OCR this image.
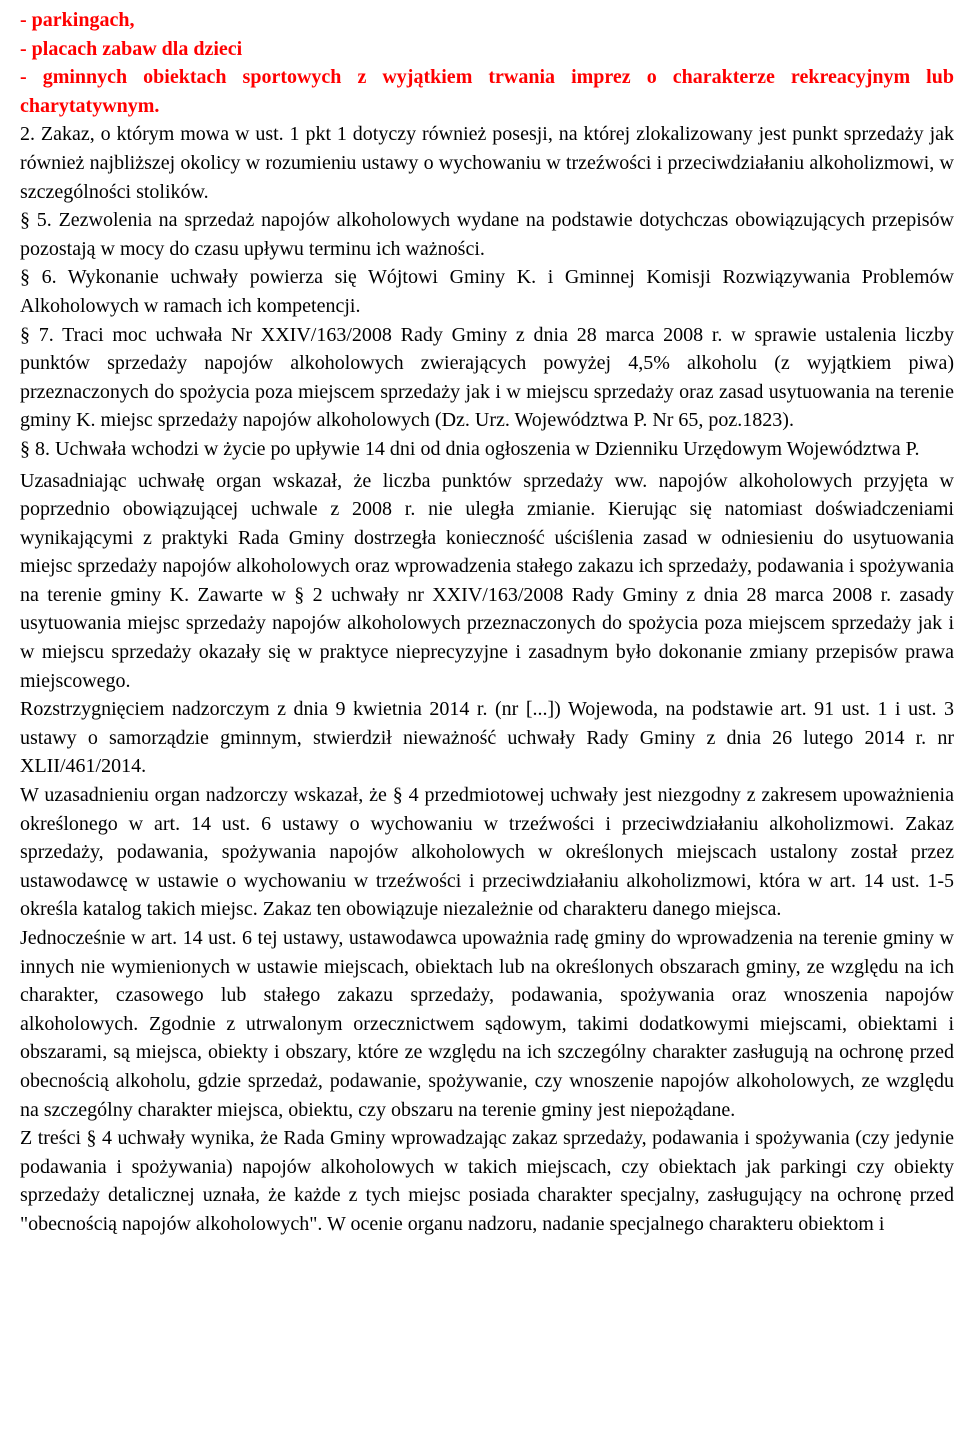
- parkingach,

- placach zabaw dla dzieci

- gminnych obiektach sportowych z wyjątkiem trwania imprez o charakterze rekreacyjnym lub charytatywnym.

2. Zakaz, o którym mowa w ust. 1 pkt 1 dotyczy również posesji, na której zlokalizowany jest punkt sprzedaży jak również najbliższej okolicy w rozumieniu ustawy o wychowaniu w trzeźwości i przeciwdziałaniu alkoholizmowi, w szczególności stolików.

§ 5. Zezwolenia na sprzedaż napojów alkoholowych wydane na podstawie dotychczas obowiązujących przepisów pozostają w mocy do czasu upływu terminu ich ważności.

§ 6. Wykonanie uchwały powierza się Wójtowi Gminy K. i Gminnej Komisji Rozwiązywania Problemów Alkoholowych w ramach ich kompetencji.

§ 7. Traci moc uchwała Nr XXIV/163/2008 Rady Gminy z dnia 28 marca 2008 r. w sprawie ustalenia liczby punktów sprzedaży napojów alkoholowych zwierających powyżej 4,5% alkoholu (z wyjątkiem piwa) przeznaczonych do spożycia poza miejscem sprzedaży jak i w miejscu sprzedaży oraz zasad usytuowania na terenie gminy K. miejsc sprzedaży napojów alkoholowych (Dz. Urz. Województwa P. Nr 65, poz.1823).

§ 8. Uchwała wchodzi w życie po upływie 14 dni od dnia ogłoszenia w Dzienniku Urzędowym Województwa P.

Uzasadniając uchwałę organ wskazał, że liczba punktów sprzedaży ww. napojów alkoholowych przyjęta w poprzednio obowiązującej uchwale z 2008 r. nie uległa zmianie. Kierując się natomiast doświadczeniami wynikającymi z praktyki Rada Gminy dostrzegła konieczność uściślenia zasad w odniesieniu do usytuowania miejsc sprzedaży napojów alkoholowych oraz wprowadzenia stałego zakazu ich sprzedaży, podawania i spożywania na terenie gminy K. Zawarte w § 2 uchwały nr XXIV/163/2008 Rady Gminy z dnia 28 marca 2008 r. zasady usytuowania miejsc sprzedaży napojów alkoholowych przeznaczonych do spożycia poza miejscem sprzedaży jak i w miejscu sprzedaży okazały się w praktyce nieprecyzyjne i zasadnym było dokonanie zmiany przepisów prawa miejscowego.

Rozstrzygnięciem nadzorczym z dnia 9 kwietnia 2014 r. (nr [...]) Wojewoda, na podstawie art. 91 ust. 1 i ust. 3 ustawy o samorządzie gminnym, stwierdził nieważność uchwały Rady Gminy z dnia 26 lutego 2014 r. nr XLII/461/2014.

W uzasadnieniu organ nadzorczy wskazał, że § 4 przedmiotowej uchwały jest niezgodny z zakresem upoważnienia określonego w art. 14 ust. 6 ustawy o wychowaniu w trzeźwości i przeciwdziałaniu alkoholizmowi. Zakaz sprzedaży, podawania, spożywania napojów alkoholowych w określonych miejscach ustalony został przez ustawodawcę w ustawie o wychowaniu w trzeźwości i przeciwdziałaniu alkoholizmowi, która w art. 14 ust. 1-5 określa katalog takich miejsc. Zakaz ten obowiązuje niezależnie od charakteru danego miejsca.

Jednocześnie w art. 14 ust. 6 tej ustawy, ustawodawca upoważnia radę gminy do wprowadzenia na terenie gminy w innych nie wymienionych w ustawie miejscach, obiektach lub na określonych obszarach gminy, ze względu na ich charakter, czasowego lub stałego zakazu sprzedaży, podawania, spożywania oraz wnoszenia napojów alkoholowych. Zgodnie z utrwalonym orzecznictwem sądowym, takimi dodatkowymi miejscami, obiektami i obszarami, są miejsca, obiekty i obszary, które ze względu na ich szczególny charakter zasługują na ochronę przed obecnością alkoholu, gdzie sprzedaż, podawanie, spożywanie, czy wnoszenie napojów alkoholowych, ze względu na szczególny charakter miejsca, obiektu, czy obszaru na terenie gminy jest niepożądane.

Z treści § 4 uchwały wynika, że Rada Gminy wprowadzając zakaz sprzedaży, podawania i spożywania (czy jedynie podawania i spożywania) napojów alkoholowych w takich miejscach, czy obiektach jak parkingi czy obiekty sprzedaży detalicznej uznała, że każde z tych miejsc posiada charakter specjalny, zasługujący na ochronę przed "obecnością napojów alkoholowych". W ocenie organu nadzoru, nadanie specjalnego charakteru obiektom i
